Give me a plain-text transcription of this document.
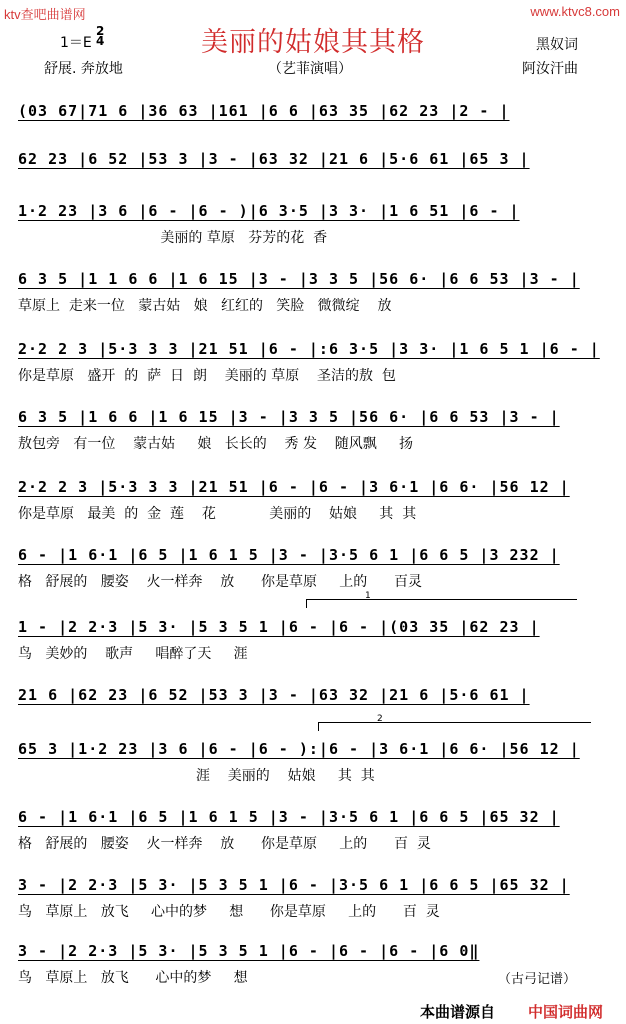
ktv查吧曲谱网	www.ktvc8.com
美丽的姑娘其其格
1＝E
2
4
舒展. 奔放地	（艺菲演唱）
黑奴词
阿汝汗曲
(03 67|71 6 |36 63 |161 |6 6 |63 35 |62 23 |2 - |
62 23 |6 52 |53 3 |3 - |63 32 |21 6 |5·6 61 |65 3 |
1·2 23 |3 6 |6 - |6 - )|6 3·5 |3 3· |1 6 51 |6 - |
美丽的 草原   芬芳的花  香
6 3 5 |1 1 6 6 |1 6 15 |3 - |3 3 5 |56 6· |6 6 53 |3 - |
草原上  走来一位   蒙古姑   娘   红红的   笑脸   微微绽    放
2·2 2 3 |5·3 3 3 |21 51 |6 - |:6 3·5 |3 3· |1 6 5 1 |6 - |
你是草原   盛开  的  萨  日  朗    美丽的 草原    圣洁的敖  包
6 3 5 |1 6 6 |1 6 15 |3 - |3 3 5 |56 6· |6 6 53 |3 - |
敖包旁   有一位    蒙古姑     娘   长长的    秀 发    随风飘     扬
2·2 2 3 |5·3 3 3 |21 51 |6 - |6 - |3 6·1 |6 6· |56 12 |
你是草原   最美  的  金  莲    花            美丽的    姑娘     其  其
6 - |1 6·1 |6 5 |1 6 1 5 |3 - |3·5 6 1 |6 6 5 |3 232 |
格   舒展的   腰姿    火一样奔    放      你是草原     上的      百灵
1 - |2 2·3 |5 3· |5 3 5 1 |6 - |6 - |(03 35 |62 23 |
鸟   美妙的    歌声     唱醉了天     涯
21 6 |62 23 |6 52 |53 3 |3 - |63 32 |21 6 |5·6 61 |
65 3 |1·2 23 |3 6 |6 - |6 - ):|6 - |3 6·1 |6 6· |56 12 |
涯    美丽的    姑娘     其  其
6 - |1 6·1 |6 5 |1 6 1 5 |3 - |3·5 6 1 |6 6 5 |65 32 |
格   舒展的   腰姿    火一样奔    放      你是草原     上的      百  灵
3 - |2 2·3 |5 3· |5 3 5 1 |6 - |3·5 6 1 |6 6 5 |65 32 |
鸟   草原上   放飞     心中的梦     想      你是草原     上的      百  灵
3 - |2 2·3 |5 3· |5 3 5 1 |6 - |6 - |6 - |6 0‖
鸟   草原上   放飞      心中的梦     想
1
2
（古弓记谱）
本曲谱源自 中国词曲网
